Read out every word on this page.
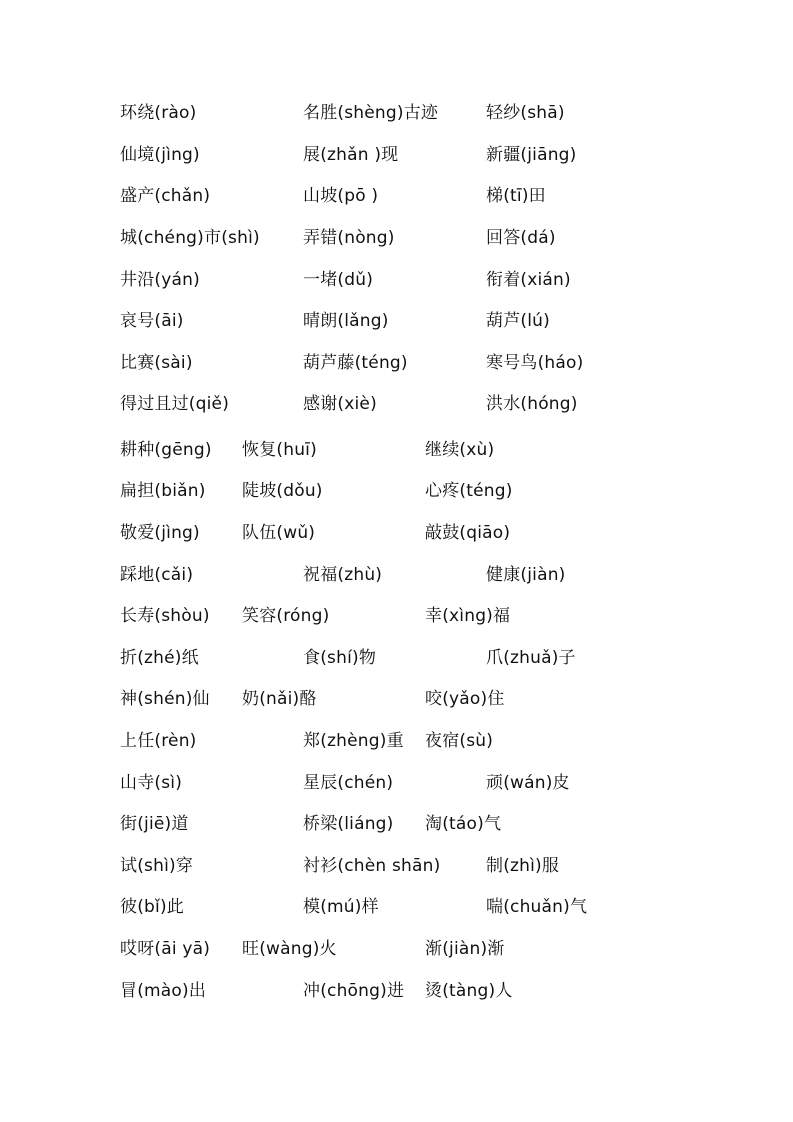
环绕(rào)	名胜(shèng)古迹	轻纱(shā)
仙境(jìng)	展(zhǎn )现	新疆(jiāng)
盛产(chǎn)	山坡(pō )	梯(tī)田
城(chéng)市(shì)	弄错(nòng)	回答(dá)
井沿(yán)	一堵(dǔ)	衔着(xián)
哀号(āi)	晴朗(lǎng)	葫芦(lú)
比赛(sài)	葫芦藤(téng)	寒号鸟(háo)
得过且过(qiě)	感谢(xiè)	洪水(hóng)
耕种(gēng) 恢复(huī)	继续(xù)
扁担(biǎn) 陡坡(dǒu)	心疼(téng)
敬爱(jìng) 队伍(wǔ)	敲鼓(qiāo)
踩地(cǎi)	祝福(zhù)	健康(jiàn)
长寿(shòu) 笑容(róng)	幸(xìng)福
折(zhé)纸	食(shí)物	爪(zhuǎ)子
神(shén)仙 奶(nǎi)酪	咬(yǎo)住
上任(rèn)	郑(zhèng)重 夜宿(sù)
山寺(sì)	星辰(chén)	顽(wán)皮
街(jiē)道	桥梁(liáng) 淘(táo)气
试(shì)穿	衬衫(chèn shān)	制(zhì)服
彼(bǐ)此	模(mú)样	喘(chuǎn)气
哎呀(āi yā) 旺(wàng)火	渐(jiàn)渐
冒(mào)出	冲(chōng)进 烫(tàng)人
